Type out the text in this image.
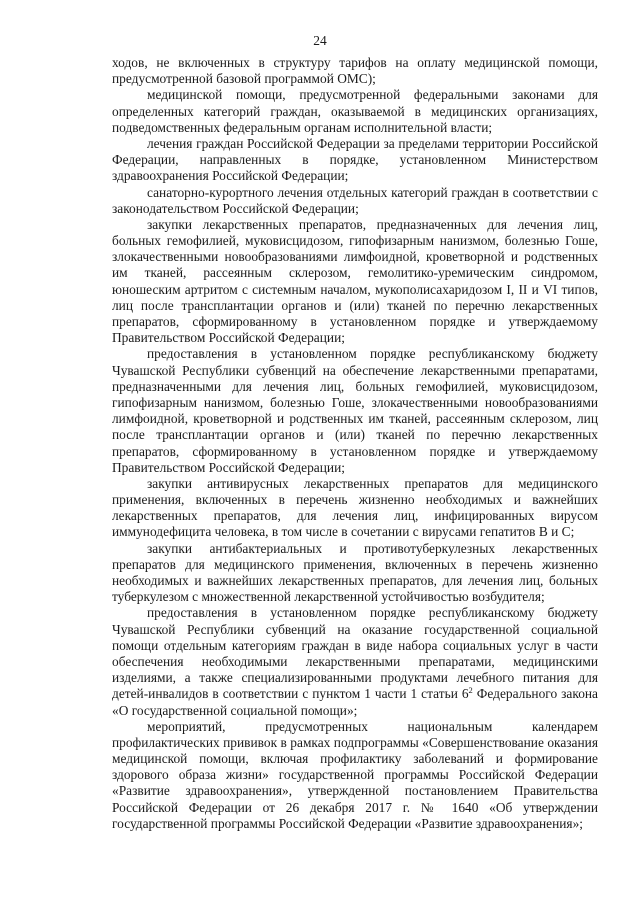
24

ходов, не включенных в структуру тарифов на оплату медицинской помощи, предусмотренной базовой программой ОМС);

медицинской помощи, предусмотренной федеральными законами для определенных категорий граждан, оказываемой в медицинских организациях, подведомственных федеральным органам исполнительной власти;

лечения граждан Российской Федерации за пределами территории Российской Федерации, направленных в порядке, установленном Министерством здравоохранения Российской Федерации;

санаторно-курортного лечения отдельных категорий граждан в соответствии с законодательством Российской Федерации;

закупки лекарственных препаратов, предназначенных для лечения лиц, больных гемофилией, муковисцидозом, гипофизарным нанизмом, болезнью Гоше, злокачественными новообразованиями лимфоидной, кроветворной и родственных им тканей, рассеянным склерозом, гемолитико-уремическим синдромом, юношеским артритом с системным началом, мукополисахаридозом I, II и VI типов, лиц после трансплантации органов и (или) тканей по перечню лекарственных препаратов, сформированному в установленном порядке и утверждаемому Правительством Российской Федерации;

предоставления в установленном порядке республиканскому бюджету Чувашской Республики субвенций на обеспечение лекарственными препаратами, предназначенными для лечения лиц, больных гемофилией, муковисцидозом, гипофизарным нанизмом, болезнью Гоше, злокачественными новообразованиями лимфоидной, кроветворной и родственных им тканей, рассеянным склерозом, лиц после трансплантации органов и (или) тканей по перечню лекарственных препаратов, сформированному в установленном порядке и утверждаемому Правительством Российской Федерации;

закупки антивирусных лекарственных препаратов для медицинского применения, включенных в перечень жизненно необходимых и важнейших лекарственных препаратов, для лечения лиц, инфицированных вирусом иммунодефицита человека, в том числе в сочетании с вирусами гепатитов В и С;

закупки антибактериальных и противотуберкулезных лекарственных препаратов для медицинского применения, включенных в перечень жизненно необходимых и важнейших лекарственных препаратов, для лечения лиц, больных туберкулезом с множественной лекарственной устойчивостью возбудителя;

предоставления в установленном порядке республиканскому бюджету Чувашской Республики субвенций на оказание государственной социальной помощи отдельным категориям граждан в виде набора социальных услуг в части обеспечения необходимыми лекарственными препаратами, медицинскими изделиями, а также специализированными продуктами лечебного питания для детей-инвалидов в соответствии с пунктом 1 части 1 статьи $6^2$ Федерального закона «О государственной социальной помощи»;

мероприятий, предусмотренных национальным календарем профилактических прививок в рамках подпрограммы «Совершенствование оказания медицинской помощи, включая профилактику заболеваний и формирование здорового образа жизни» государственной программы Российской Федерации «Развитие здравоохранения», утвержденной постановлением Правительства Российской Федерации от 26 декабря 2017 г. № 1640 «Об утверждении государственной программы Российской Федерации «Развитие здравоохранения»;
